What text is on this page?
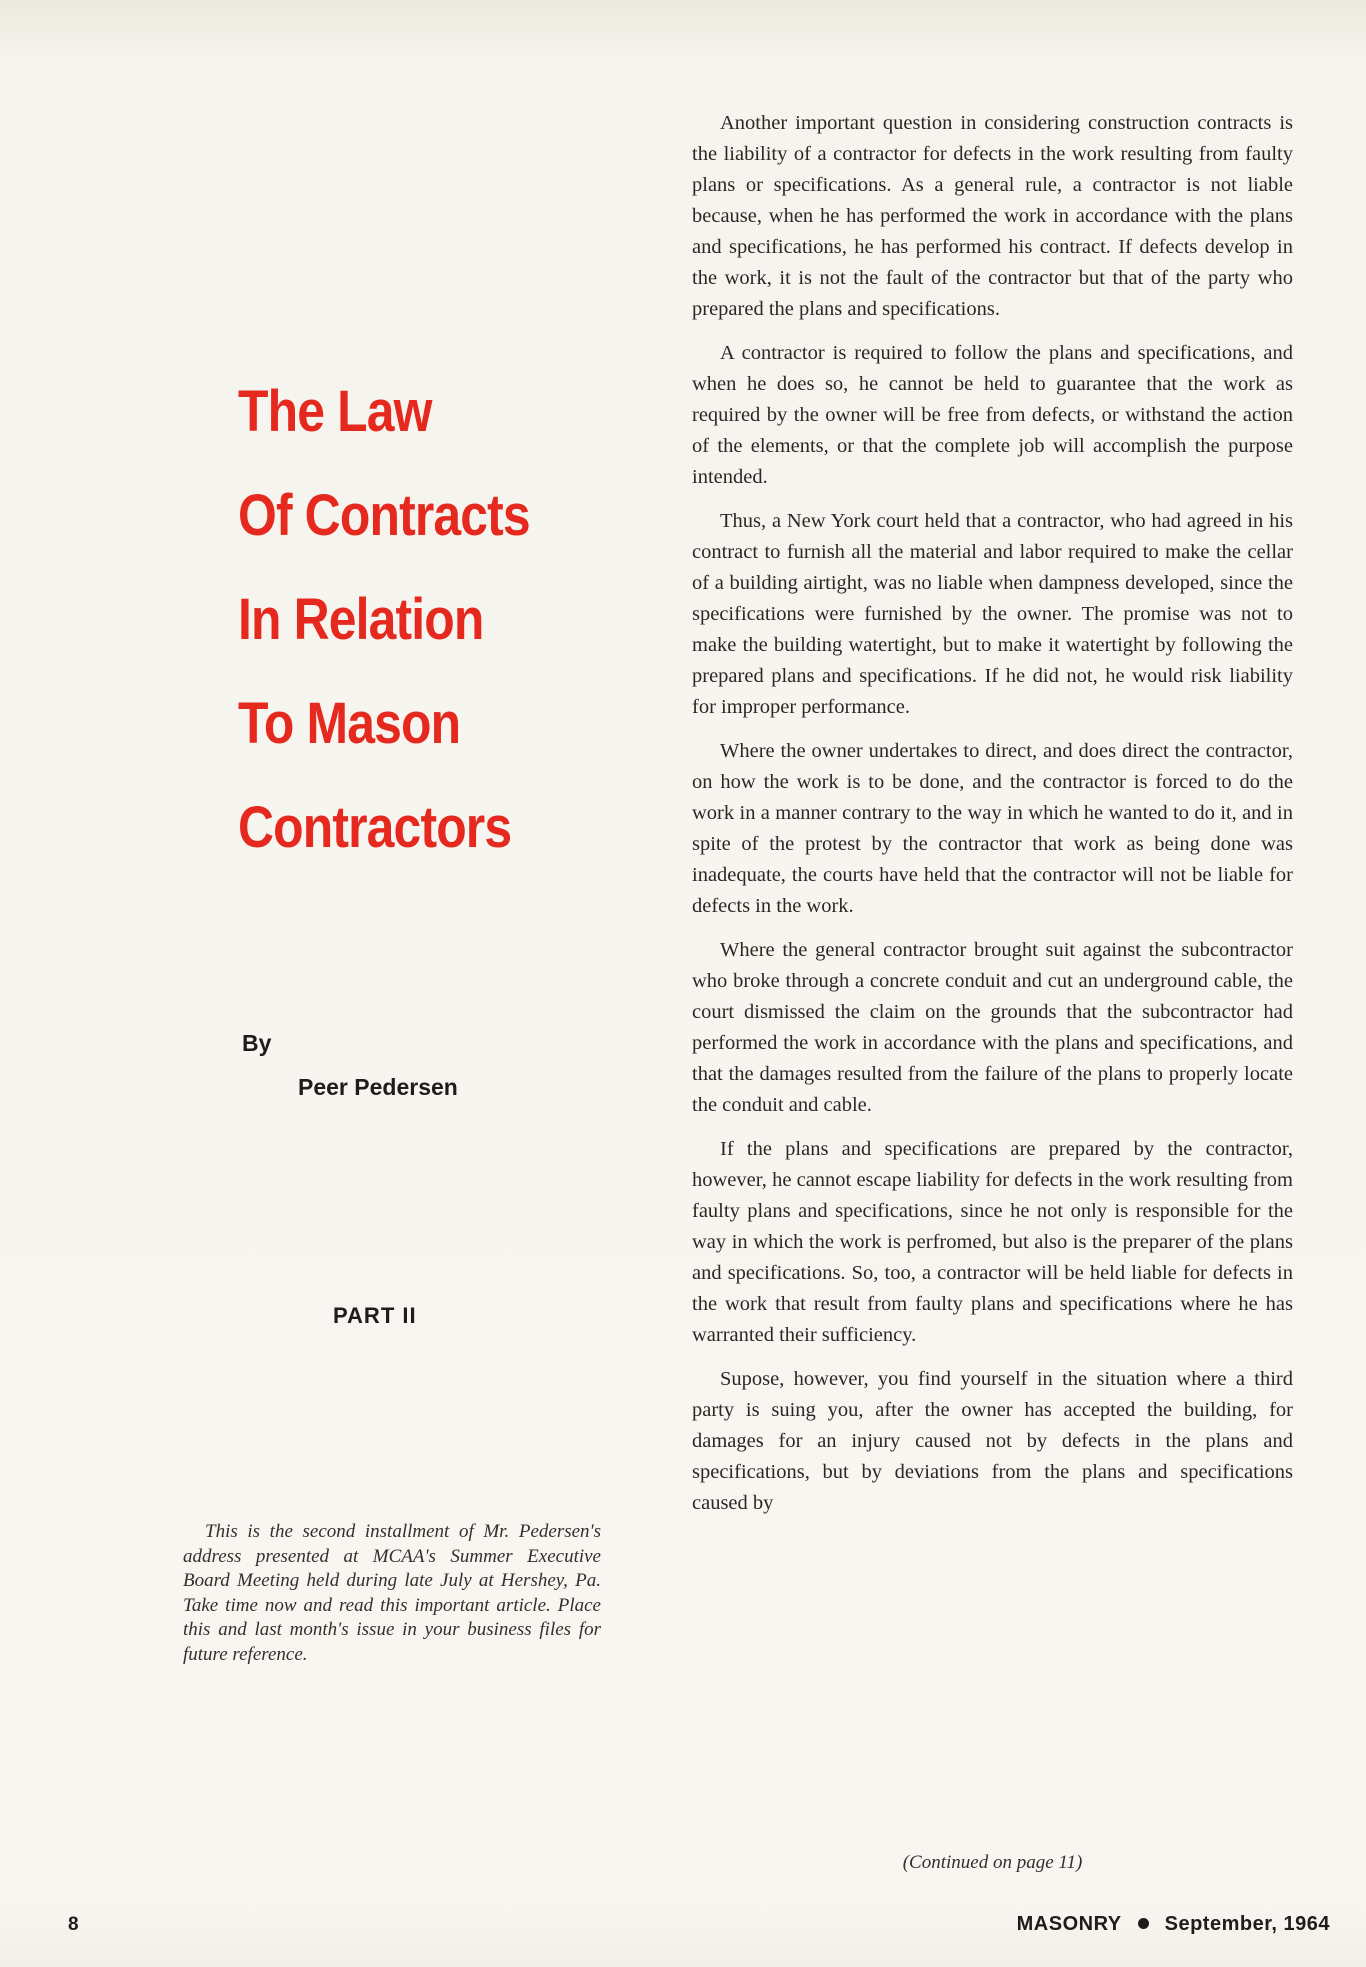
The Law
Of Contracts
In Relation
To Mason
Contractors
By
Peer Pedersen
PART II

This is the second installment of Mr. Pedersen's address presented at MCAA's Summer Executive Board Meeting held during late July at Hershey, Pa. Take time now and read this important article. Place this and last month's issue in your business files for future reference.

Another important question in considering construction contracts is the liability of a contractor for defects in the work resulting from faulty plans or specifications. As a general rule, a contractor is not liable because, when he has performed the work in accordance with the plans and specifications, he has performed his contract. If defects develop in the work, it is not the fault of the contractor but that of the party who prepared the plans and specifications.

A contractor is required to follow the plans and specifications, and when he does so, he cannot be held to guarantee that the work as required by the owner will be free from defects, or withstand the action of the elements, or that the complete job will accomplish the purpose intended.

Thus, a New York court held that a contractor, who had agreed in his contract to furnish all the material and labor required to make the cellar of a building airtight, was no liable when dampness developed, since the specifications were furnished by the owner. The promise was not to make the building watertight, but to make it watertight by following the prepared plans and specifications. If he did not, he would risk liability for improper performance.

Where the owner undertakes to direct, and does direct the contractor, on how the work is to be done, and the contractor is forced to do the work in a manner contrary to the way in which he wanted to do it, and in spite of the protest by the contractor that work as being done was inadequate, the courts have held that the contractor will not be liable for defects in the work.

Where the general contractor brought suit against the subcontractor who broke through a concrete conduit and cut an underground cable, the court dismissed the claim on the grounds that the subcontractor had performed the work in accordance with the plans and specifications, and that the damages resulted from the failure of the plans to properly locate the conduit and cable.

If the plans and specifications are prepared by the contractor, however, he cannot escape liability for defects in the work resulting from faulty plans and specifications, since he not only is responsible for the way in which the work is perfromed, but also is the preparer of the plans and specifications. So, too, a contractor will be held liable for defects in the work that result from faulty plans and specifications where he has warranted their sufficiency.

Supose, however, you find yourself in the situation where a third party is suing you, after the owner has accepted the building, for damages for an injury caused not by defects in the plans and specifications, but by deviations from the plans and specifications caused by

(Continued on page 11)
8	MASONRY September, 1964
